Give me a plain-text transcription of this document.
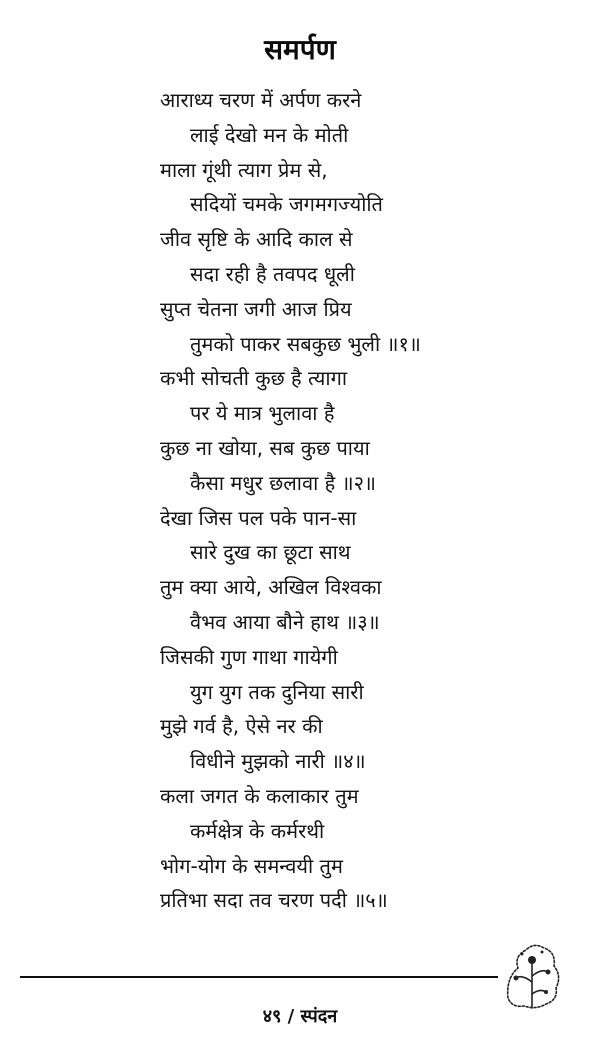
समर्पण
आराध्य चरण में अर्पण करने
लाई देखो मन के मोती
माला गूंथी त्याग प्रेम से,
सदियों चमके जगमगज्योति
जीव सृष्टि के आदि काल से
सदा रही है तवपद धूली
सुप्त चेतना जगी आज प्रिय
तुमको पाकर सबकुछ भुली ॥१॥
कभी सोचती कुछ है त्यागा
पर ये मात्र भुलावा है
कुछ ना खोया, सब कुछ पाया
कैसा मधुर छलावा है ॥२॥
देखा जिस पल पके पान-सा
सारे दुख का छूटा साथ
तुम क्या आये, अखिल विश्वका
वैभव आया बौने हाथ ॥३॥
जिसकी गुण गाथा गायेगी
युग युग तक दुनिया सारी
मुझे गर्व है, ऐसे नर की
विधीने मुझको नारी ॥४॥
कला जगत के कलाकार तुम
कर्मक्षेत्र के कर्मरथी
भोग-योग के समन्वयी तुम
प्रतिभा सदा तव चरण पदी ॥५॥
४९ / स्पंदन
